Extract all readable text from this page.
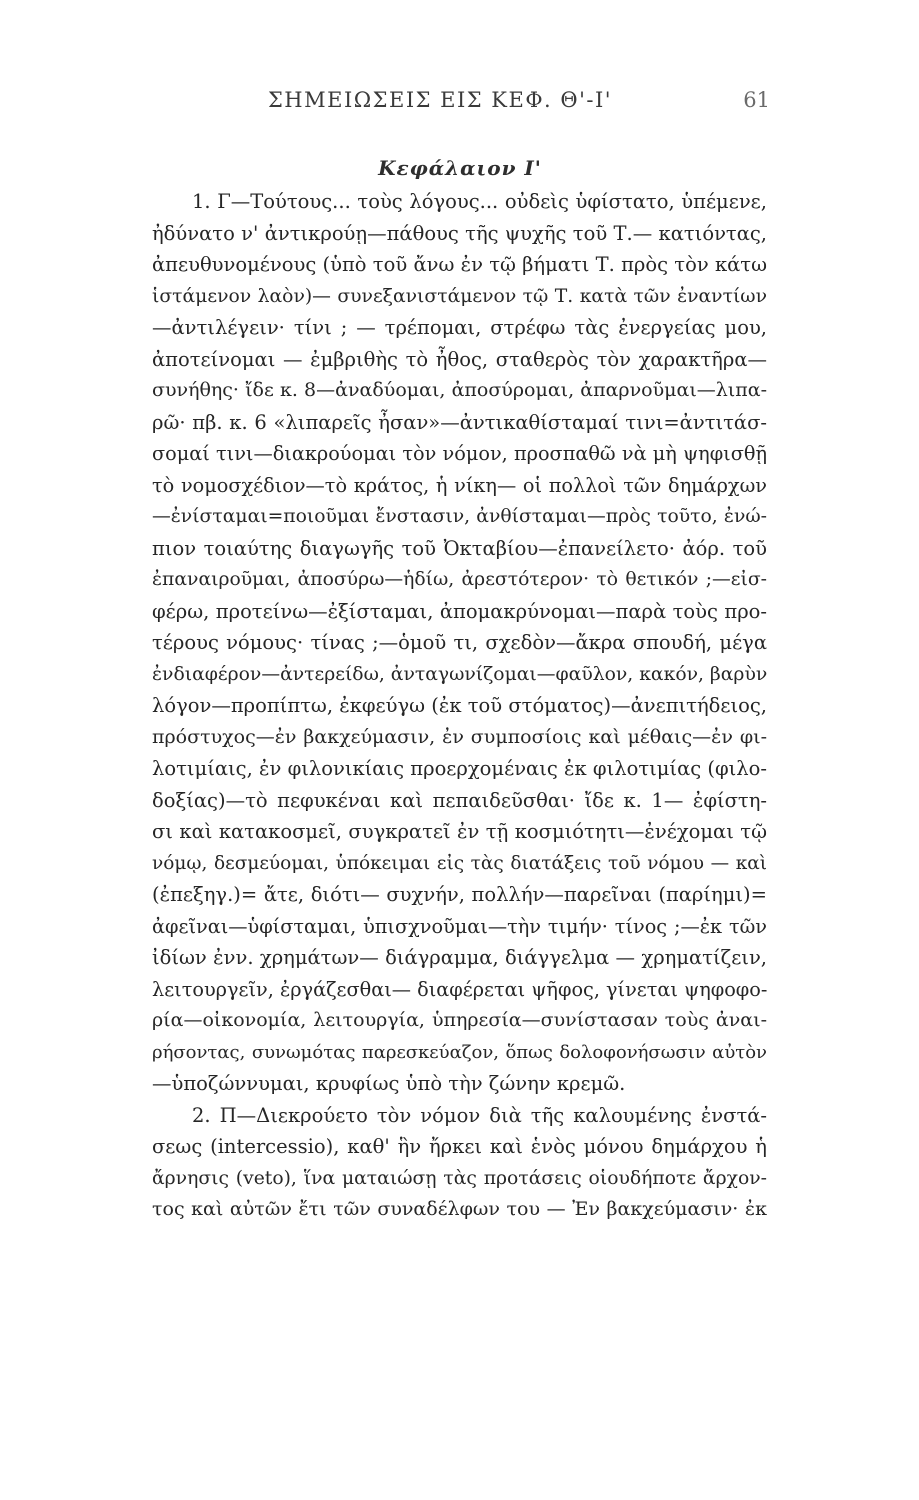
ΣΗΜΕΙΩΣΕΙΣ ΕΙΣ ΚΕΦ. Θ'-Ι'	61
Κεφάλαιον Ι'
1. Γ—Τούτους... τοὺς λόγους... οὐδεὶς ὑφίστατο, ὑπέμενε,
ἠδύνατο ν' ἀντικρούῃ—πάθους τῆς ψυχῆς τοῦ Τ.— κατιόντας,
ἀπευθυνομένους (ὑπὸ τοῦ ἄνω ἐν τῷ βήματι Τ. πρὸς τὸν κάτω
ἱστάμενον λαὸν)— συνεξανιστάμενον τῷ Τ. κατὰ τῶν ἐναντίων
—ἀντιλέγειν· τίνι ; — τρέπομαι, στρέφω τὰς ἐνεργείας μου,
ἀποτείνομαι — ἐμβριθὴς τὸ ἦθος, σταθερὸς τὸν χαρακτῆρα—
συνήθης· ἴδε κ. 8—ἀναδύομαι, ἀποσύρομαι, ἀπαρνοῦμαι—λιπα-
ρῶ· πβ. κ. 6 «λιπαρεῖς ἦσαν»—ἀντικαθίσταμαί τινι=ἀντιτάσ-
σομαί τινι—διακρούομαι τὸν νόμον, προσπαθῶ νὰ μὴ ψηφισθῇ
τὸ νομοσχέδιον—τὸ κράτος, ἡ νίκη— οἱ πολλοὶ τῶν δημάρχων
—ἐνίσταμαι=ποιοῦμαι ἔνστασιν, ἀνθίσταμαι—πρὸς τοῦτο, ἐνώ-
πιον τοιαύτης διαγωγῆς τοῦ Ὀκταβίου—ἐπανείλετο· ἀόρ. τοῦ
ἐπαναιροῦμαι, ἀποσύρω—ἡδίω, ἀρεστότερον· τὸ θετικόν ;—εἰσ-
φέρω, προτείνω—ἐξίσταμαι, ἀπομακρύνομαι—παρὰ τοὺς προ-
τέρους νόμους· τίνας ;—ὁμοῦ τι, σχεδὸν—ἄκρα σπουδή, μέγα
ἐνδιαφέρον—ἀντερείδω, ἀνταγωνίζομαι—φαῦλον, κακόν, βαρὺν
λόγον—προπίπτω, ἐκφεύγω (ἐκ τοῦ στόματος)—ἀνεπιτήδειος,
πρόστυχος—ἐν βακχεύμασιν, ἐν συμποσίοις καὶ μέθαις—ἐν φι-
λοτιμίαις, ἐν φιλονικίαις προερχομέναις ἐκ φιλοτιμίας (φιλο-
δοξίας)—τὸ πεφυκέναι καὶ πεπαιδεῦσθαι· ἴδε κ. 1— ἐφίστη-
σι καὶ κατακοσμεῖ, συγκρατεῖ ἐν τῇ κοσμιότητι—ἐνέχομαι τῷ
νόμῳ, δεσμεύομαι, ὑπόκειμαι εἰς τὰς διατάξεις τοῦ νόμου — καὶ
(ἐπεξηγ.)= ἄτε, διότι— συχνήν, πολλήν—παρεῖναι (παρίημι)=
ἀφεῖναι—ὑφίσταμαι, ὑπισχνοῦμαι—τὴν τιμήν· τίνος ;—ἐκ τῶν
ἰδίων ἐνν. χρημάτων— διάγραμμα, διάγγελμα — χρηματίζειν,
λειτουργεῖν, ἐργάζεσθαι— διαφέρεται ψῆφος, γίνεται ψηφοφο-
ρία—οἰκονομία, λειτουργία, ὑπηρεσία—συνίστασαν τοὺς ἀναι-
ρήσοντας, συνωμότας παρεσκεύαζον, ὅπως δολοφονήσωσιν αὐτὸν
—ὑποζώννυμαι, κρυφίως ὑπὸ τὴν ζώνην κρεμῶ.
2. Π—Διεκρούετο τὸν νόμον διὰ τῆς καλουμένης ἐνστά-
σεως (intercessio), καθ' ἣν ἤρκει καὶ ἑνὸς μόνου δημάρχου ἡ
ἄρνησις (veto), ἵνα ματαιώσῃ τὰς προτάσεις οἱουδήποτε ἄρχον-
τος καὶ αὐτῶν ἔτι τῶν συναδέλφων του — Ἐν βακχεύμασιν· ἐκ
